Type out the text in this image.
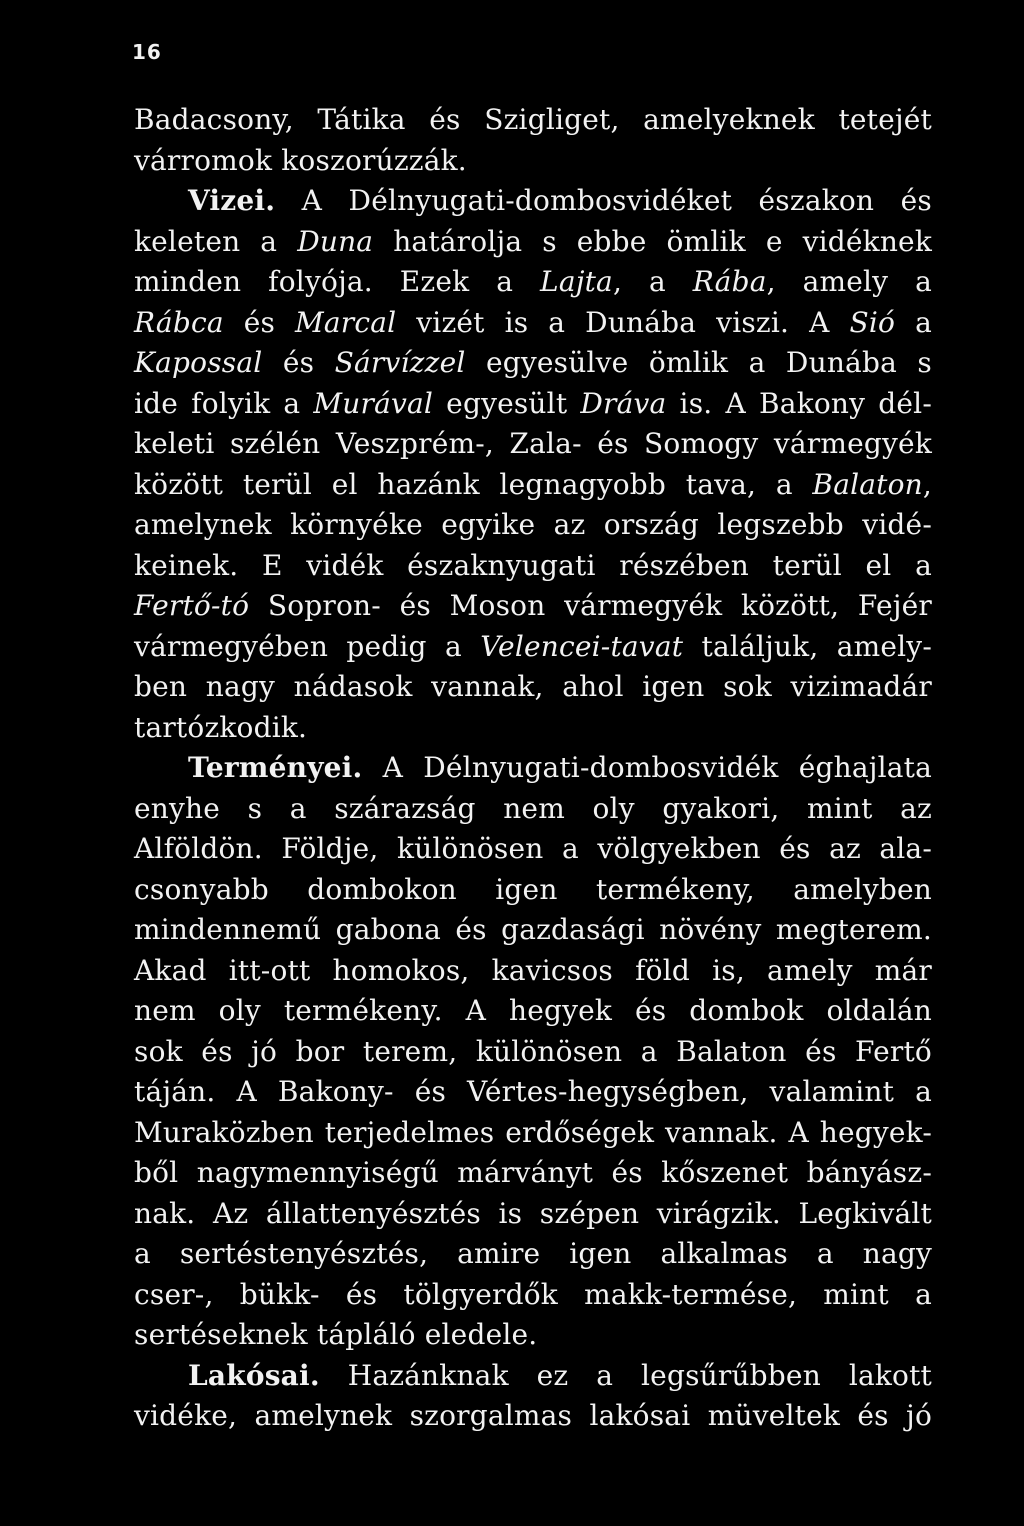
16
Badacsony, Tátika és Szigliget, amelyeknek tetejét
várromok koszorúzzák.
Vizei. A Délnyugati-dombosvidéket északon és
keleten a Duna határolja s ebbe ömlik e vidéknek
minden folyója. Ezek a Lajta, a Rába, amely a
Rábca és Marcal vizét is a Dunába viszi. A Sió a
Kapossal és Sárvízzel egyesülve ömlik a Dunába s
ide folyik a Murával egyesült Dráva is. A Bakony dél-
keleti szélén Veszprém-, Zala- és Somogy vármegyék
között terül el hazánk legnagyobb tava, a Balaton,
amelynek környéke egyike az ország legszebb vidé-
keinek. E vidék északnyugati részében terül el a
Fertő-tó Sopron- és Moson vármegyék között, Fejér
vármegyében pedig a Velencei-tavat találjuk, amely-
ben nagy nádasok vannak, ahol igen sok vizimadár
tartózkodik.
Terményei. A Délnyugati-dombosvidék éghajlata
enyhe s a szárazság nem oly gyakori, mint az
Alföldön. Földje, különösen a völgyekben és az ala-
csonyabb dombokon igen termékeny, amelyben
mindennemű gabona és gazdasági növény megterem.
Akad itt-ott homokos, kavicsos föld is, amely már
nem oly termékeny. A hegyek és dombok oldalán
sok és jó bor terem, különösen a Balaton és Fertő
táján. A Bakony- és Vértes-hegységben, valamint a
Muraközben terjedelmes erdőségek vannak. A hegyek-
ből nagymennyiségű márványt és kőszenet bányász-
nak. Az állattenyésztés is szépen virágzik. Legkivált
a sertéstenyésztés, amire igen alkalmas a nagy
cser-, bükk- és tölgyerdők makk-termése, mint a
sertéseknek tápláló eledele.
Lakósai. Hazánknak ez a legsűrűbben lakott
vidéke, amelynek szorgalmas lakósai müveltek és jó
